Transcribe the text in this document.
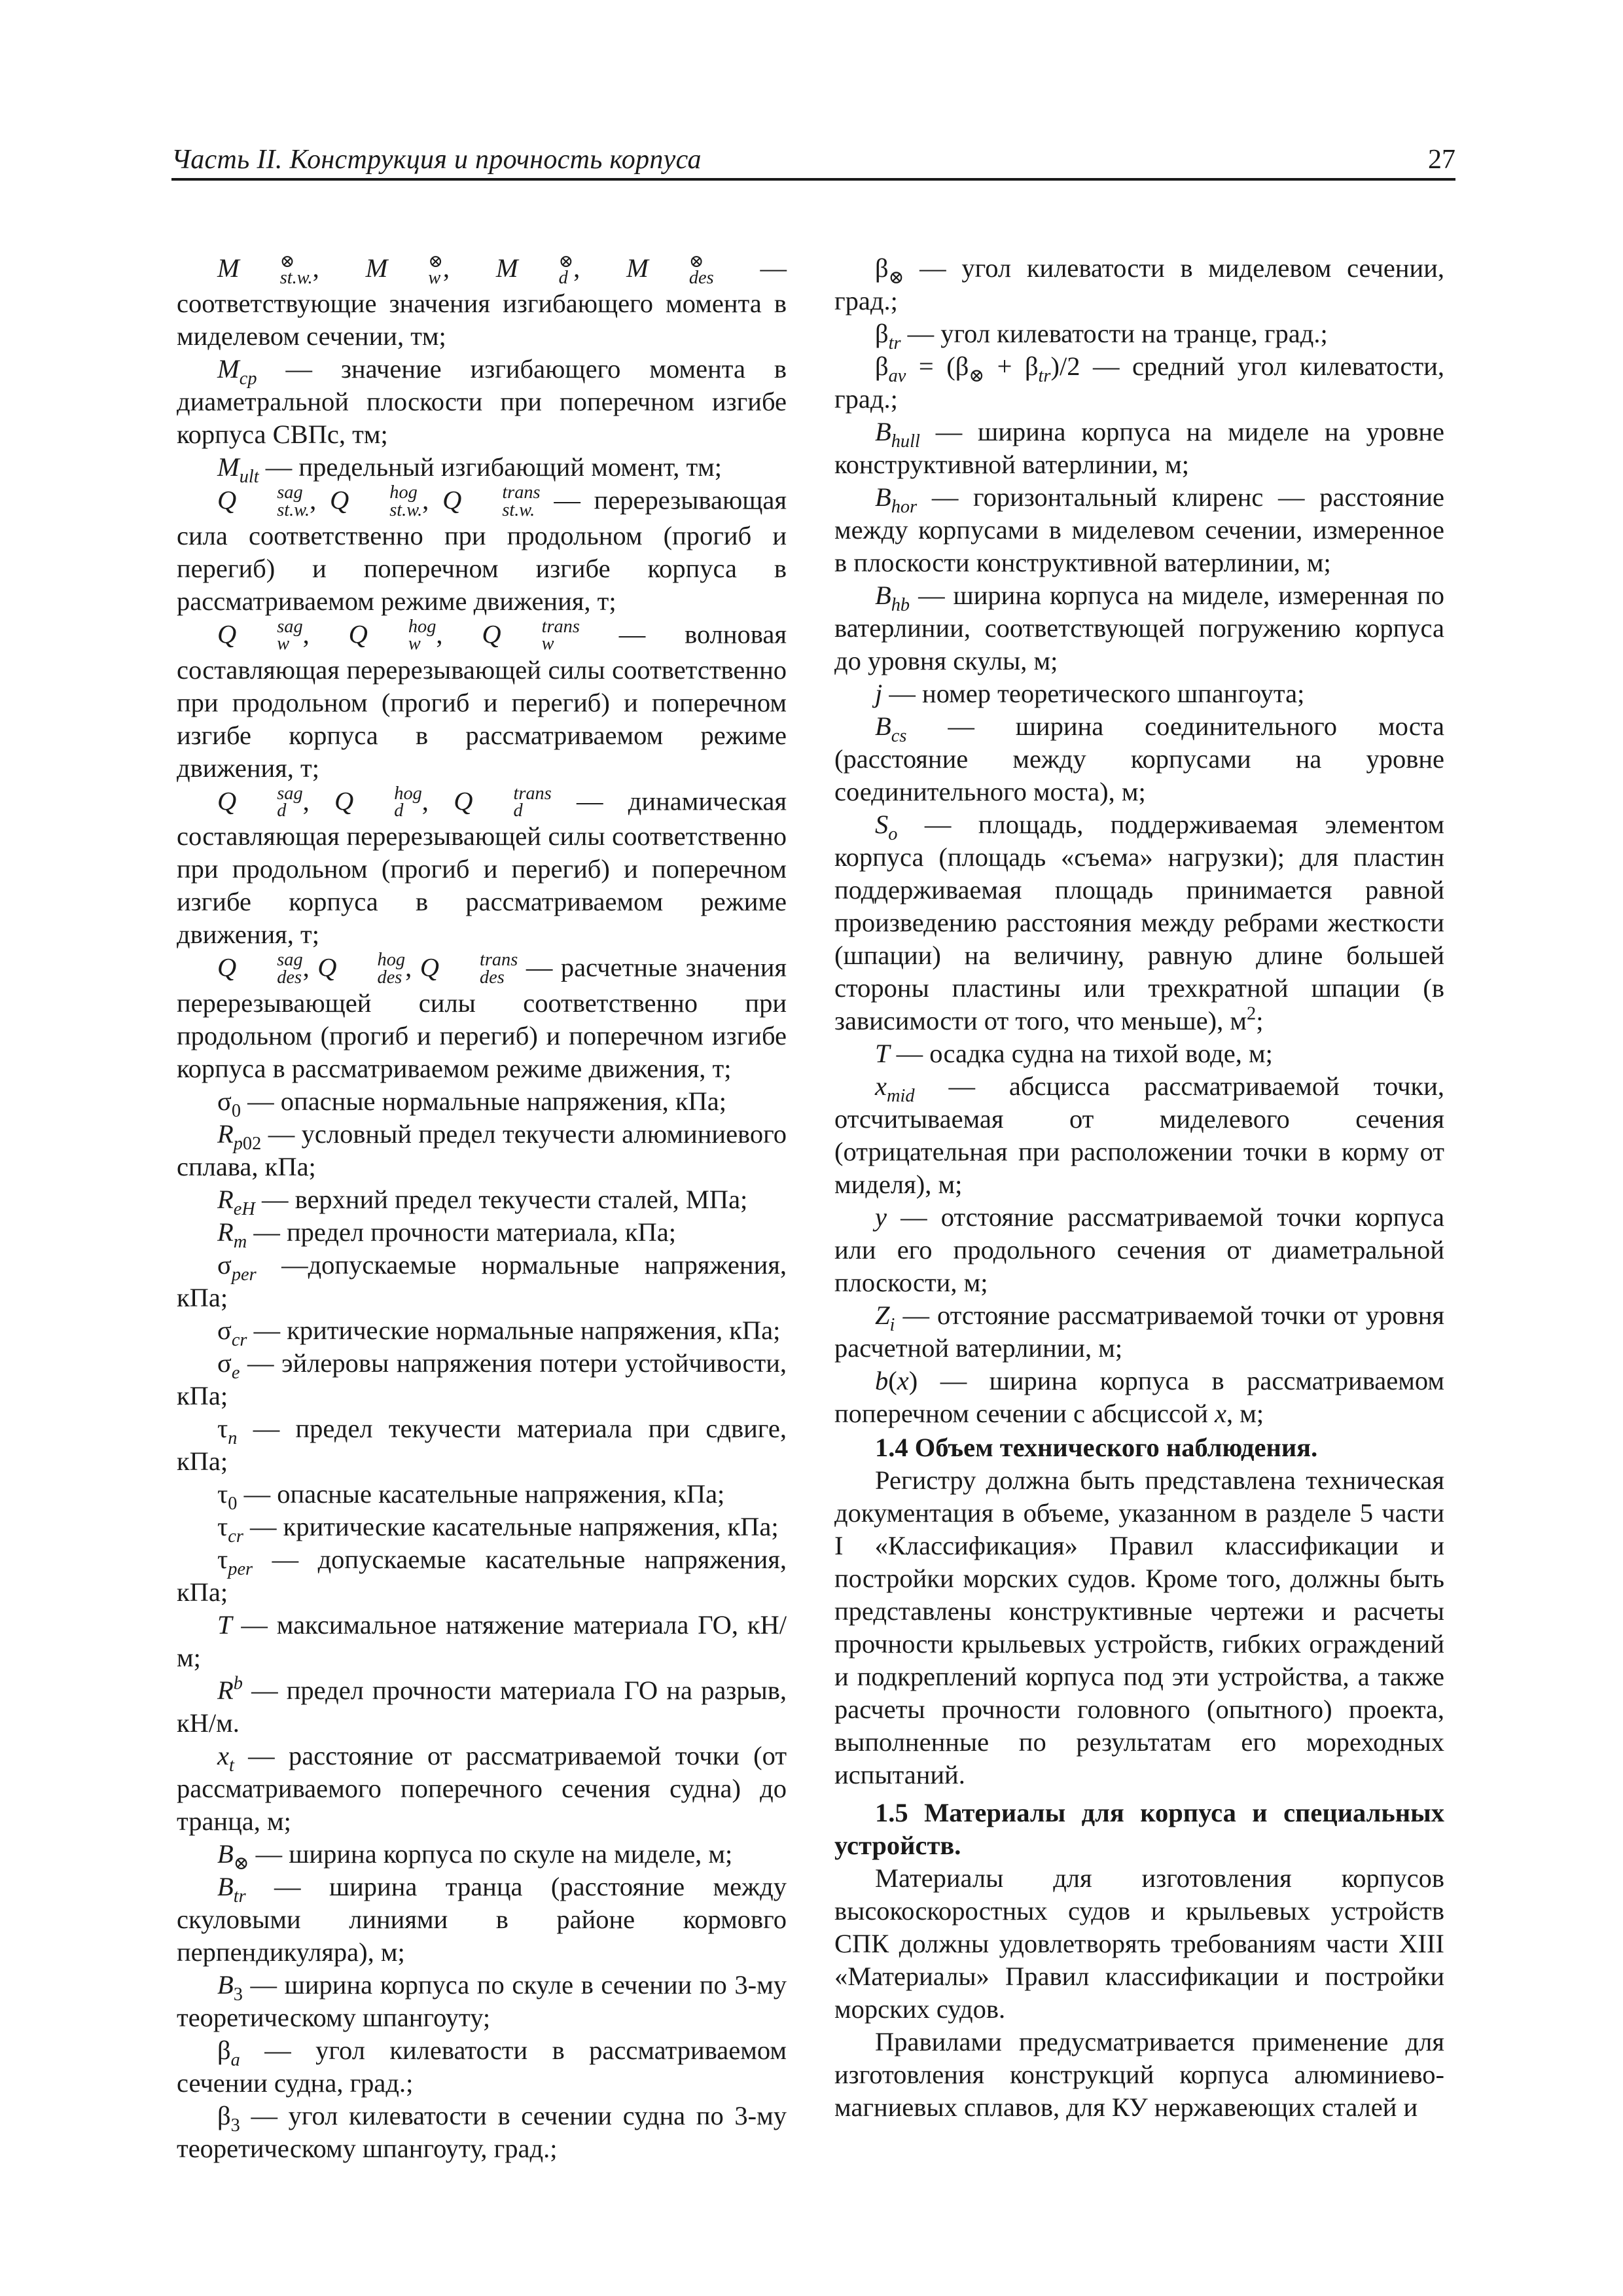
Часть II. Конструкция и прочность корпуса	27

M	⊗
st.w. , M	⊗
w , M	⊗
d , M	⊗
des — соответствующие значения изгибающего момента в миделевом сечении, тм;

$M_{cp}$ — значение изгибающего момента в диаметральной плоскости при поперечном изгибе корпуса СВПс, тм;

$M_{ult}$ — предельный изгибающий момент, тм;

Q	sag
st.w. , Q	hog
st.w. , Q	trans
st.w. — перерезывающая сила соответственно при продольном (прогиб и перегиб) и поперечном изгибе корпуса в рассматриваемом режиме движения, т;

Q	sag
w , Q	hog
w , Q	trans
w	— волновая составляющая перерезывающей силы соответственно при продольном (прогиб и перегиб) и поперечном изгибе корпуса в рассматриваемом режиме движения, т;

Q	sag
d , Q	hog
d , Q	trans
d	— динамическая составляющая перерезывающей силы соответственно при продольном (прогиб и перегиб) и поперечном изгибе корпуса в рассматриваемом режиме движения, т;

Q	sag
des , Q	hog
des , Q	trans
des — расчетные значения перерезывающей силы соответственно при продольном (прогиб и перегиб) и поперечном изгибе корпуса в рассматриваемом режиме движения, т;

$\sigma_0$ — опасные нормальные напряжения, кПа;

$R_{p02}$ — условный предел текучести алюминиевого сплава, кПа;

$R_{eH}$ — верхний предел текучести сталей, МПа;

$R_m$ — предел прочности материала, кПа;

$\sigma_{per}$ —допускаемые нормальные напряжения, кПа;

$\sigma_{cr}$ — критические нормальные напряжения, кПа;

$\sigma_e$ — эйлеровы напряжения потери устойчивости, кПа;

$\tau_n$ — предел текучести материала при сдвиге, кПа;

$\tau_0$ — опасные касательные напряжения, кПа;

$\tau_{cr}$ — критические касательные напряжения, кПа;

$\tau_{per}$ — допускаемые касательные напряжения, кПа;

T — максимальное натяжение материала ГО, кН/м;

$R^b$ — предел прочности материала ГО на разрыв, кН/м.

$x_t$ — расстояние от рассматриваемой точки (от рассматриваемого поперечного сечения судна) до транца, м;

$B_\otimes$ — ширина корпуса по скуле на миделе, м;

$B_{tr}$ — ширина транца (расстояние между скуловыми линиями в районе кормовго перпендикуляра), м;

$B_3$ — ширина корпуса по скуле в сечении по 3-му теоретическому шпангоуту;

$\beta_a$ — угол килеватости в рассматриваемом сечении судна, град.;

$\beta_3$ — угол килеватости в сечении судна по 3-му теоретическому шпангоуту, град.;

$\beta_\otimes$ — угол килеватости в миделевом сечении, град.;

$\beta_{tr}$ — угол килеватости на транце, град.;

$\beta_{av} = (\beta_\otimes + \beta_{tr})/2$ — средний угол килеватости, град.;

$B_{hull}$ — ширина корпуса на миделе на уровне конструктивной ватерлинии, м;

$B_{hor}$ — горизонтальный клиренс — расстояние между корпусами в миделевом сечении, измеренное в плоскости конструктивной ватерлинии, м;

$B_{hb}$ — ширина корпуса на миделе, измеренная по ватерлинии, соответствующей погружению корпуса до уровня скулы, м;

j — номер теоретического шпангоута;

$B_{cs}$ — ширина соединительного моста (расстояние между корпусами на уровне соединительного моста), м;

$S_o$ — площадь, поддерживаемая элементом корпуса (площадь «съема» нагрузки); для пластин поддерживаемая площадь принимается равной произведению расстояния между ребрами жесткости (шпации) на величину, равную длине большей стороны пластины или трехкратной шпации (в зависимости от того, что меньше), $м^2$;

T — осадка судна на тихой воде, м;

$x_{mid}$ — абсцисса рассматриваемой точки, отсчитываемая от миделевого сечения (отрицательная при расположении точки в корму от миделя), м;

y — отстояние рассматриваемой точки корпуса или его продольного сечения от диаметральной плоскости, м;

$Z_i$ — отстояние рассматриваемой точки от уровня расчетной ватерлинии, м;

b(x) — ширина корпуса в рассматриваемом поперечном сечении с абсциссой x, м;

1.4 Объем технического наблюдения.

Регистру должна быть представлена техническая документация в объеме, указанном в разделе 5 части I «Классификация» Правил классификации и постройки морских судов. Кроме того, должны быть представлены конструктивные чертежи и расчеты прочности крыльевых устройств, гибких ограждений и подкреплений корпуса под эти устройства, а также расчеты прочности головного (опытного) проекта, выполненные по результатам его мореходных испытаний.

1.5 Материалы для корпуса и специальных устройств.

Материалы для изготовления корпусов высокоскоростных судов и крыльевых устройств СПК должны удовлетворять требованиям части XIII «Материалы» Правил классификации и постройки морских судов.

Правилами предусматривается применение для изготовления конструкций корпуса алюминиево-магниевых сплавов, для КУ нержавеющих сталей и
